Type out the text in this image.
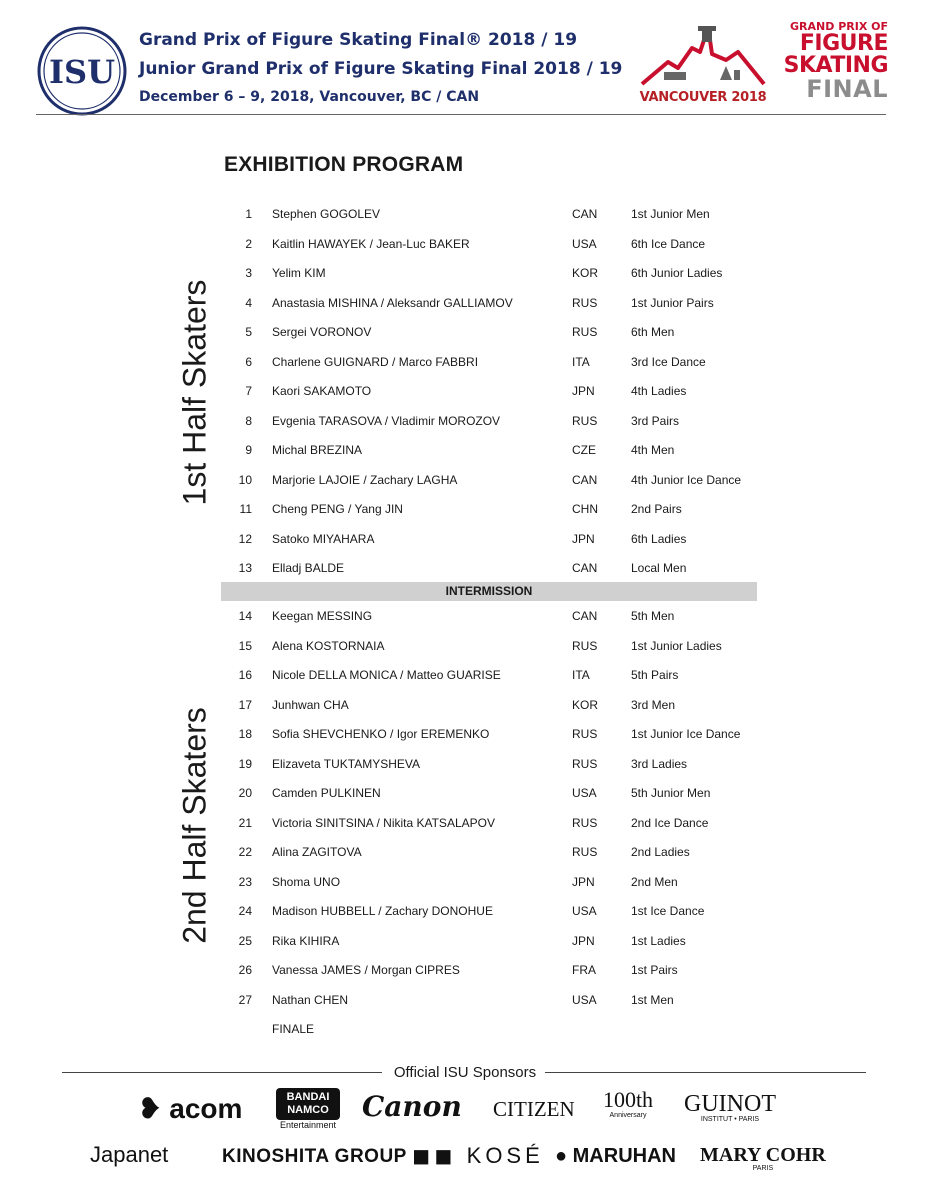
ISU
Grand Prix of Figure Skating Final® 2018 / 19
Junior Grand Prix of Figure Skating Final 2018 / 19
December 6 – 9, 2018, Vancouver, BC / CAN	VANCOUVER 2018
GRAND PRIX OF
FIGURE
SKATING
FINAL
EXHIBITION PROGRAM
1st Half Skaters
2nd Half Skaters
1 Stephen GOGOLEV	CAN	1st Junior Men
2 Kaitlin HAWAYEK / Jean-Luc BAKER	USA	6th Ice Dance
3 Yelim KIM	KOR	6th Junior Ladies
4 Anastasia MISHINA / Aleksandr GALLIAMOV	RUS	1st Junior Pairs
5 Sergei VORONOV	RUS	6th Men
6 Charlene GUIGNARD / Marco FABBRI	ITA	3rd Ice Dance
7 Kaori SAKAMOTO	JPN	4th Ladies
8 Evgenia TARASOVA / Vladimir MOROZOV	RUS	3rd Pairs
9 Michal BREZINA	CZE	4th Men
10 Marjorie LAJOIE / Zachary LAGHA	CAN	4th Junior Ice Dance
11 Cheng PENG / Yang JIN	CHN	2nd Pairs
12 Satoko MIYAHARA	JPN	6th Ladies
13 Elladj BALDE	CAN	Local Men
14 Keegan MESSING	CAN	5th Men
15 Alena KOSTORNAIA	RUS	1st Junior Ladies
16 Nicole DELLA MONICA / Matteo GUARISE	ITA	5th Pairs
17 Junhwan CHA	KOR	3rd Men
18 Sofia SHEVCHENKO / Igor EREMENKO	RUS	1st Junior Ice Dance
19 Elizaveta TUKTAMYSHEVA	RUS	3rd Ladies
20 Camden PULKINEN	USA	5th Junior Men
21 Victoria SINITSINA / Nikita KATSALAPOV	RUS	2nd Ice Dance
22 Alina ZAGITOVA	RUS	2nd Ladies
23 Shoma UNO	JPN	2nd Men
24 Madison HUBBELL / Zachary DONOHUE	USA	1st Ice Dance
25 Rika KIHIRA	JPN	1st Ladies
26 Vanessa JAMES / Morgan CIPRES	FRA	1st Pairs
27 Nathan CHEN	USA	1st Men
FINALE
INTERMISSION
Official ISU Sponsors
❥ acom	BANDAI NAMCO
Entertainment
Canon CITIZEN 100th
Anniversary	GUINOT
INSTITUT • PARIS
Japanet	KINOSHITA GROUP ◼◼ KOSÉ ● MARUHAN MARY COHR
PARIS
